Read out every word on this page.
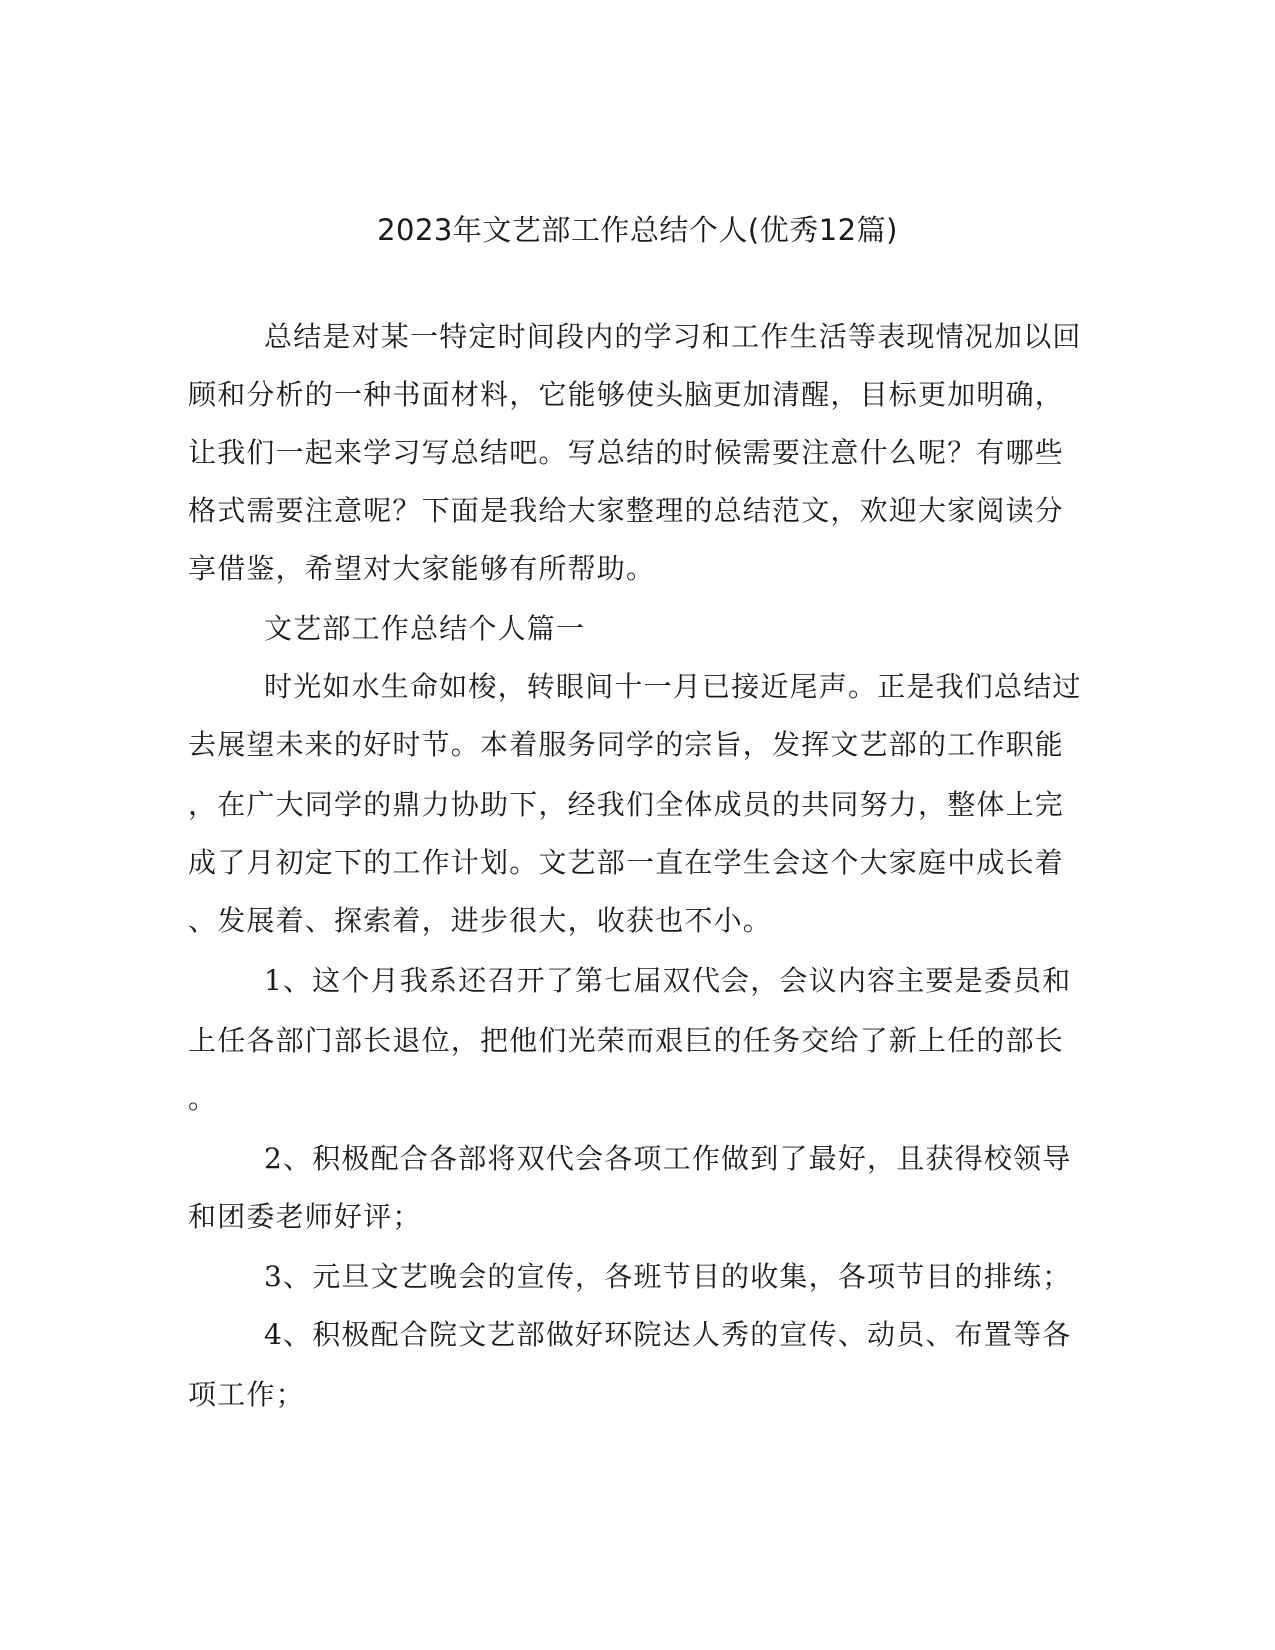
2023年文艺部工作总结个人(优秀12篇)
总结是对某一特定时间段内的学习和工作生活等表现情况加以回
顾和分析的一种书面材料，它能够使头脑更加清醒，目标更加明确，
让我们一起来学习写总结吧。写总结的时候需要注意什么呢？有哪些
格式需要注意呢？下面是我给大家整理的总结范文，欢迎大家阅读分
享借鉴，希望对大家能够有所帮助。
文艺部工作总结个人篇一
时光如水生命如梭，转眼间十一月已接近尾声。正是我们总结过
去展望未来的好时节。本着服务同学的宗旨，发挥文艺部的工作职能
，在广大同学的鼎力协助下，经我们全体成员的共同努力，整体上完
成了月初定下的工作计划。文艺部一直在学生会这个大家庭中成长着
、发展着、探索着，进步很大，收获也不小。
1、这个月我系还召开了第七届双代会，会议内容主要是委员和
上任各部门部长退位，把他们光荣而艰巨的任务交给了新上任的部长
。
2、积极配合各部将双代会各项工作做到了最好，且获得校领导
和团委老师好评；
3、元旦文艺晚会的宣传，各班节目的收集，各项节目的排练；
4、积极配合院文艺部做好环院达人秀的宣传、动员、布置等各
项工作；
